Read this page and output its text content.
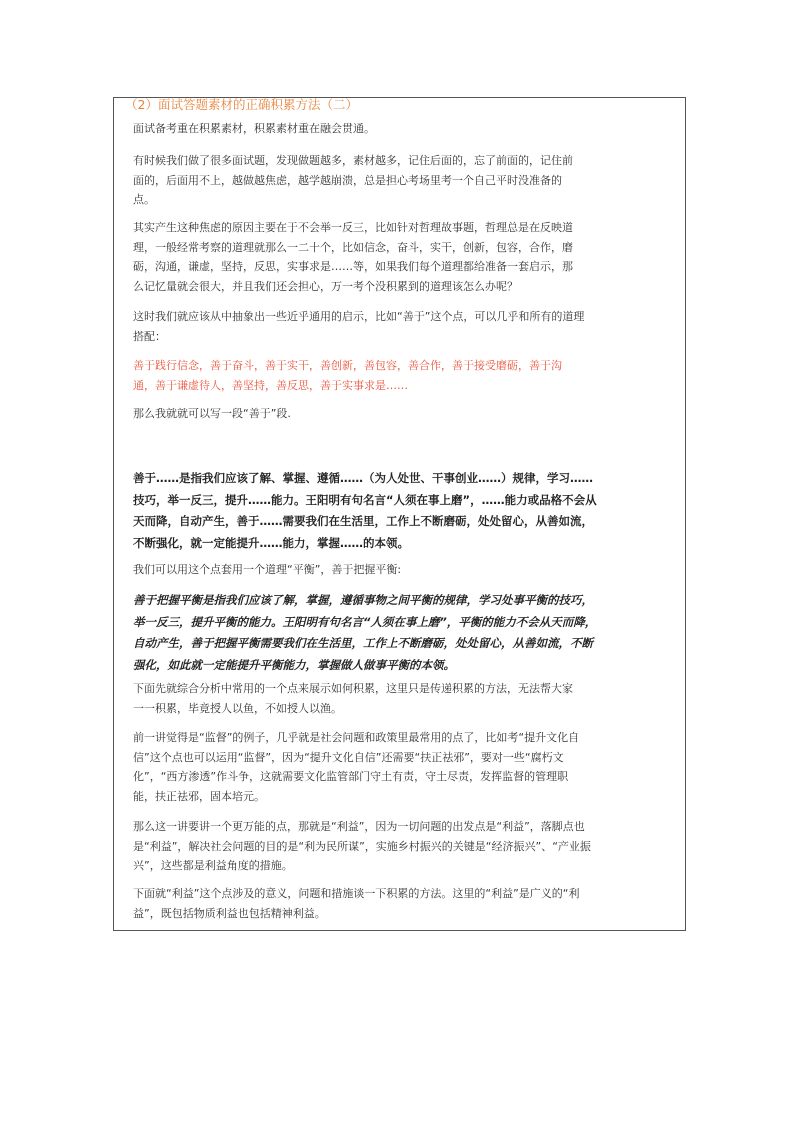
（2）面试答题素材的正确积累方法（二）

面试备考重在积累素材，积累素材重在融会贯通。

有时候我们做了很多面试题，发现做题越多，素材越多，记住后面的，忘了前面的，记住前
面的，后面用不上，越做越焦虑，越学越崩溃，总是担心考场里考一个自己平时没准备的
点。

其实产生这种焦虑的原因主要在于不会举一反三，比如针对哲理故事题，哲理总是在反映道
理，一般经常考察的道理就那么一二十个，比如信念，奋斗，实干，创新，包容，合作，磨
砺，沟通，谦虚，坚持，反思，实事求是……等，如果我们每个道理都给准备一套启示，那
么记忆量就会很大，并且我们还会担心，万一考个没积累到的道理该怎么办呢？

这时我们就应该从中抽象出一些近乎通用的启示，比如“善于”这个点，可以几乎和所有的道理
搭配：

善于践行信念，善于奋斗，善于实干，善创新，善包容，善合作，善于接受磨砺，善于沟
通，善于谦虚待人，善坚持，善反思，善于实事求是……

那么我就就可以写一段“善于”段.

善于……是指我们应该了解、掌握、遵循……（为人处世、干事创业……）规律，学习……
技巧，举一反三，提升……能力。王阳明有句名言“人须在事上磨”，……能力或品格不会从
天而降，自动产生，善于……需要我们在生活里，工作上不断磨砺，处处留心，从善如流，
不断强化，就一定能提升……能力，掌握……的本领。

我们可以用这个点套用一个道理“平衡”，善于把握平衡:

善于把握平衡是指我们应该了解，掌握，遵循事物之间平衡的规律，学习处事平衡的技巧，
举一反三，提升平衡的能力。王阳明有句名言“人须在事上磨”，平衡的能力不会从天而降，
自动产生，善于把握平衡需要我们在生活里，工作上不断磨砺，处处留心，从善如流，不断
强化，如此就一定能提升平衡能力，掌握做人做事平衡的本领。

下面先就综合分析中常用的一个点来展示如何积累，这里只是传递积累的方法，无法帮大家
一一积累，毕竟授人以鱼，不如授人以渔。

前一讲觉得是“监督”的例子，几乎就是社会问题和政策里最常用的点了，比如考“提升文化自
信”这个点也可以运用“监督”，因为“提升文化自信”还需要“扶正祛邪”，要对一些“腐朽文
化”，“西方渗透”作斗争，这就需要文化监管部门守土有责，守土尽责，发挥监督的管理职
能，扶正祛邪，固本培元。

那么这一讲要讲一个更万能的点，那就是“利益”，因为一切问题的出发点是“利益”，落脚点也
是“利益”，解决社会问题的目的是“利为民所谋”，实施乡村振兴的关键是“经济振兴”、“产业振
兴”，这些都是利益角度的措施。

下面就“利益”这个点涉及的意义，问题和措施谈一下积累的方法。这里的“利益”是广义的“利
益”，既包括物质利益也包括精神利益。
